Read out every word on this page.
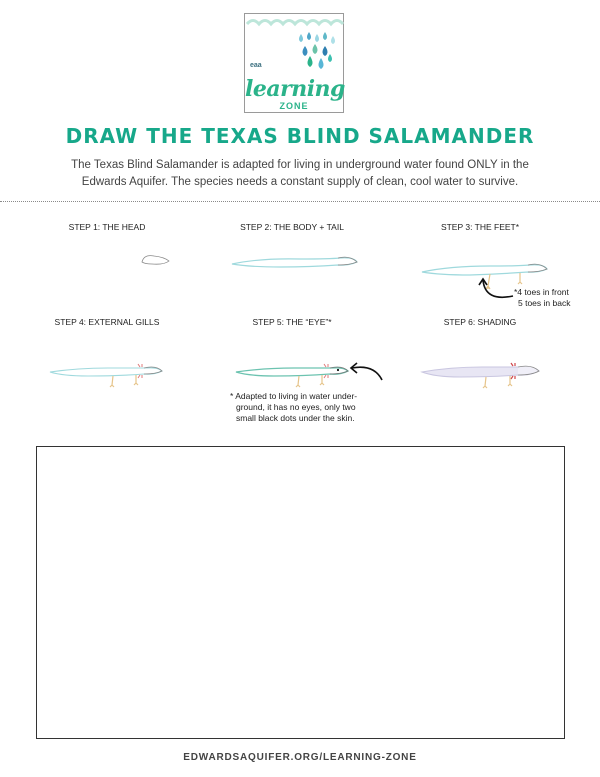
eaa
learning
ZONE
DRAW THE TEXAS BLIND SALAMANDER
The Texas Blind Salamander is adapted for living in underground water found ONLY in the Edwards Aquifer. The species needs a constant supply of clean, cool water to survive.
STEP 1: THE HEAD	STEP 2: THE BODY + TAIL	STEP 3: THE FEET*
*4 toes in front
5 toes in back
STEP 4: EXTERNAL GILLS	STEP 5: THE “EYE”*	STEP 6: SHADING
* Adapted to living in water under-
ground, it has no eyes, only two
small black dots under the skin.
EDWARDSAQUIFER.ORG/LEARNING-ZONE
